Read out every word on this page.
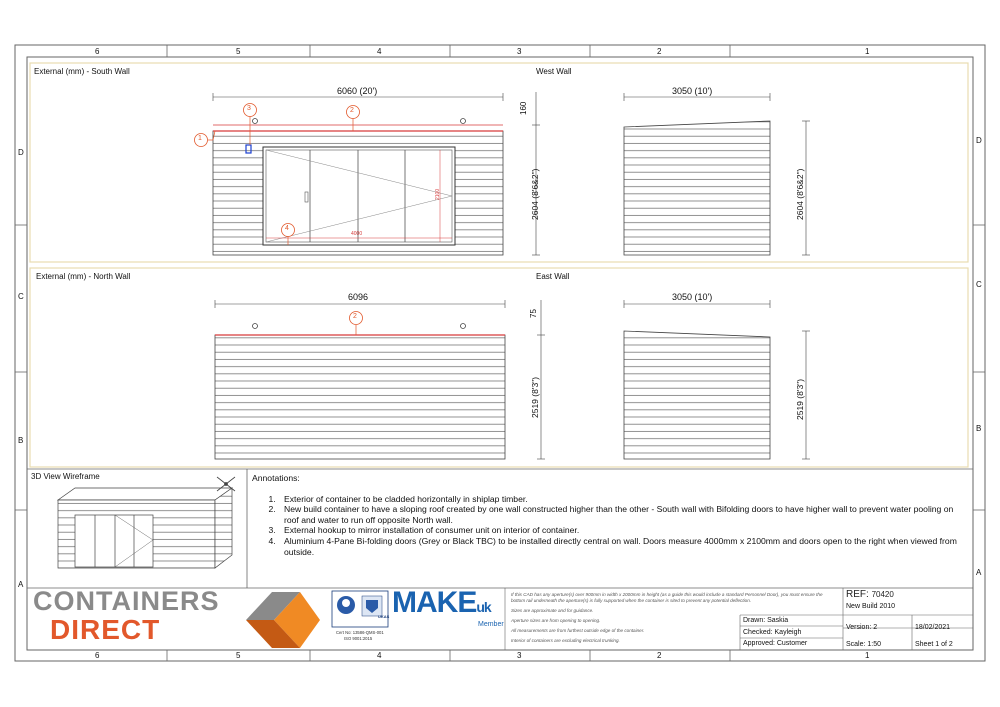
6	5	4	3	2	1
6	5	4	3	2	1
D
C
B
A
D
C
B
A
External (mm) - South Wall	West Wall
6060 (20')
160
2604 (8'6&2")
2100
4000
1
3	2
4
3050 (10')
2604 (8'6&2")
External (mm) - North Wall	East Wall
6096
75
2519 (8'3")
2
3050 (10')
2519 (8'3")
3D View Wireframe	Annotations:
1. Exterior of container to be cladded horizontally in shiplap timber.
2. New build container to have a sloping roof created by one wall constructed higher than the other - South wall with Bifolding doors to have higher wall to prevent water pooling on roof and water to run off opposite North wall.
3. External hookup to mirror installation of consumer unit on interior of container.
4. Aluminium 4-Pane Bi-folding doors (Grey or Black TBC) to be installed directly central on wall. Doors measure 4000mm x 2100mm and doors open to the right when viewed from outside.
CONTAINERS
DIRECT	UKAS
Cert No: 13586-QMS-001
ISO 9001:2015
MAKEuk
Member
If this CAD has any aperture(s) over 900mm in width x 2000mm in height (as a guide this would include a standard Personnel Door), you must ensure the bottom rail underneath the aperture(s) is fully supported when the container is sited to prevent any potential deflection.
Sizes are approximate and for guidance.
Aperture sizes are from opening to opening.
All measurements are from furthest outside edge of the container.
Interior of containers are excluding electrical trunking.
REF: 70420
New Build 2010
Drawn: Saskia
Checked: Kayleigh
Approved: Customer
Version: 2	18/02/2021
Scale: 1:50	Sheet 1 of 2
